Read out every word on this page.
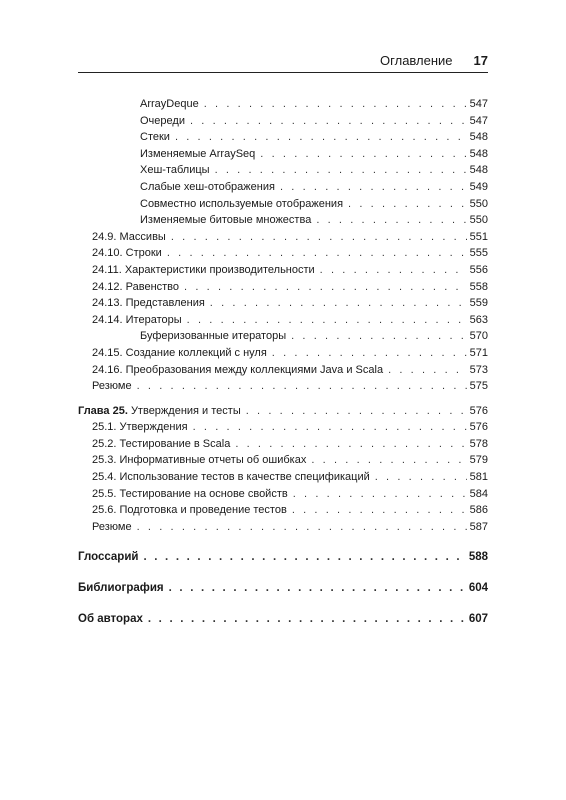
Оглавление 17
ArrayDeque . . .	547
Очереди . . .	547
Стеки . . .	548
Изменяемые ArraySeq . . .	548
Хеш-таблицы . . .	548
Слабые хеш-отображения . . .	549
Совместно используемые отображения . . .	550
Изменяемые битовые множества . . .	550
24.9. Массивы . . .	551
24.10. Строки . . .	555
24.11. Характеристики производительности . . .	556
24.12. Равенство . . .	558
24.13. Представления . . .	559
24.14. Итераторы . . .	563
Буферизованные итераторы . . .	570
24.15. Создание коллекций с нуля . . .	571
24.16. Преобразования между коллекциями Java и Scala . . .	573
Резюме . . .	575
Глава 25. Утверждения и тесты . . .	576
25.1. Утверждения . . .	576
25.2. Тестирование в Scala . . .	578
25.3. Информативные отчеты об ошибках . . .	579
25.4. Использование тестов в качестве спецификаций . . .	581
25.5. Тестирование на основе свойств . . .	584
25.6. Подготовка и проведение тестов . . .	586
Резюме . . .	587
Глоссарий . . .	588
Библиография . . .	604
Об авторах . . .	607
